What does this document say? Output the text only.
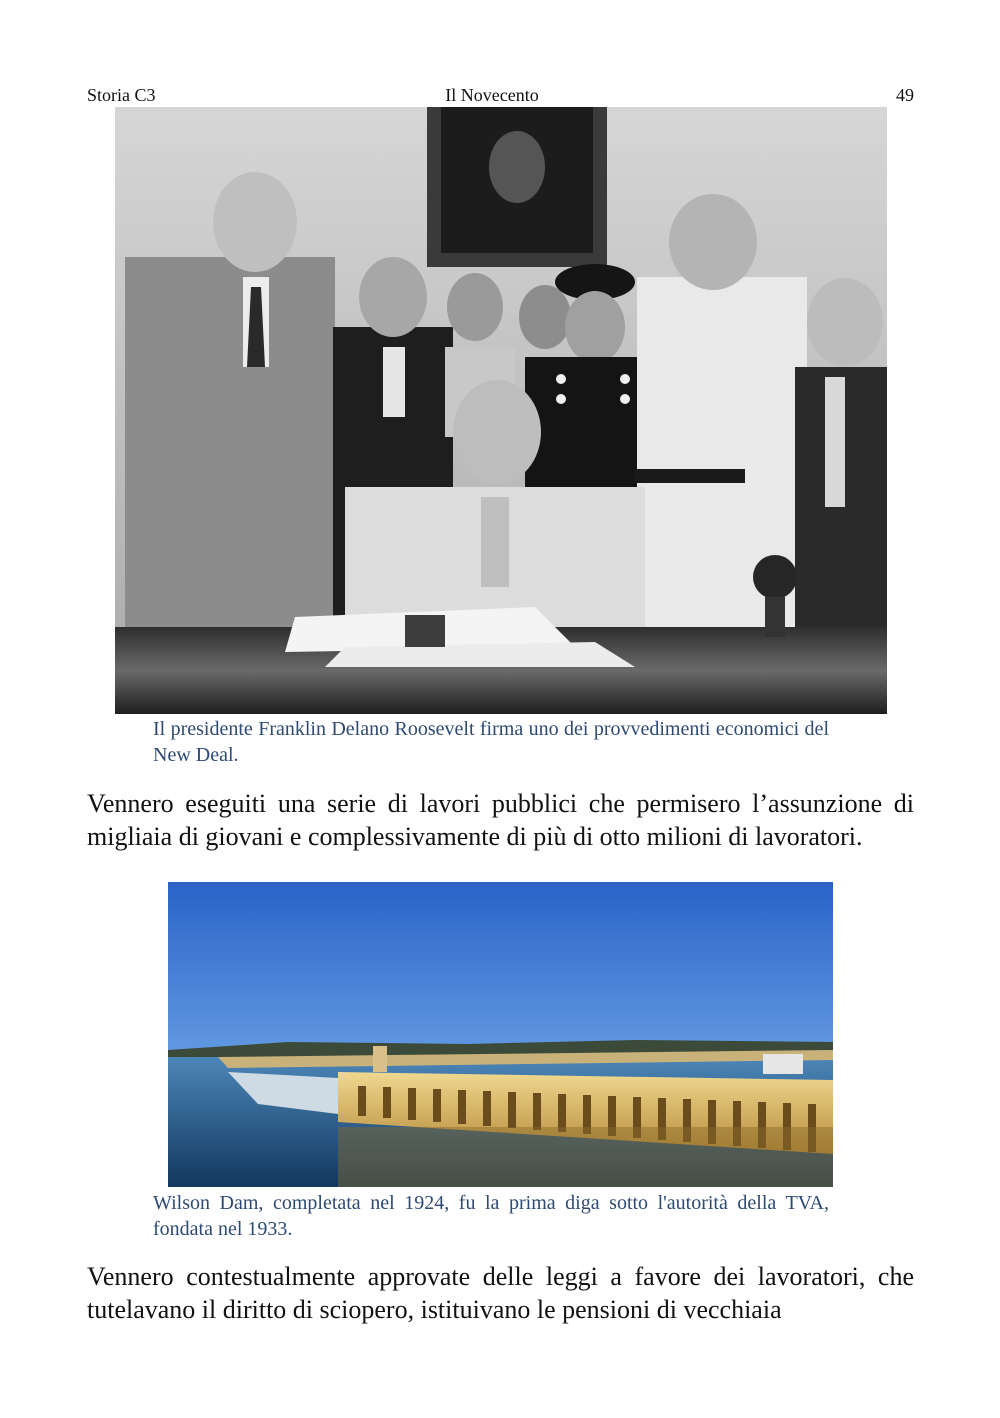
Storia C3	Il Novecento	49
Il presidente Franklin Delano Roosevelt firma uno dei provvedimenti economici del New Deal.
Vennero eseguiti una serie di lavori pubblici che permisero l’assunzione di migliaia di giovani e complessivamente di più di otto milioni di lavoratori.
Wilson Dam, completata nel 1924, fu la prima diga sotto l'autorità della TVA, fondata nel 1933.
Vennero contestualmente approvate delle leggi a favore dei lavoratori, che tutelavano il diritto di sciopero, istituivano le pensioni di vecchiaia
